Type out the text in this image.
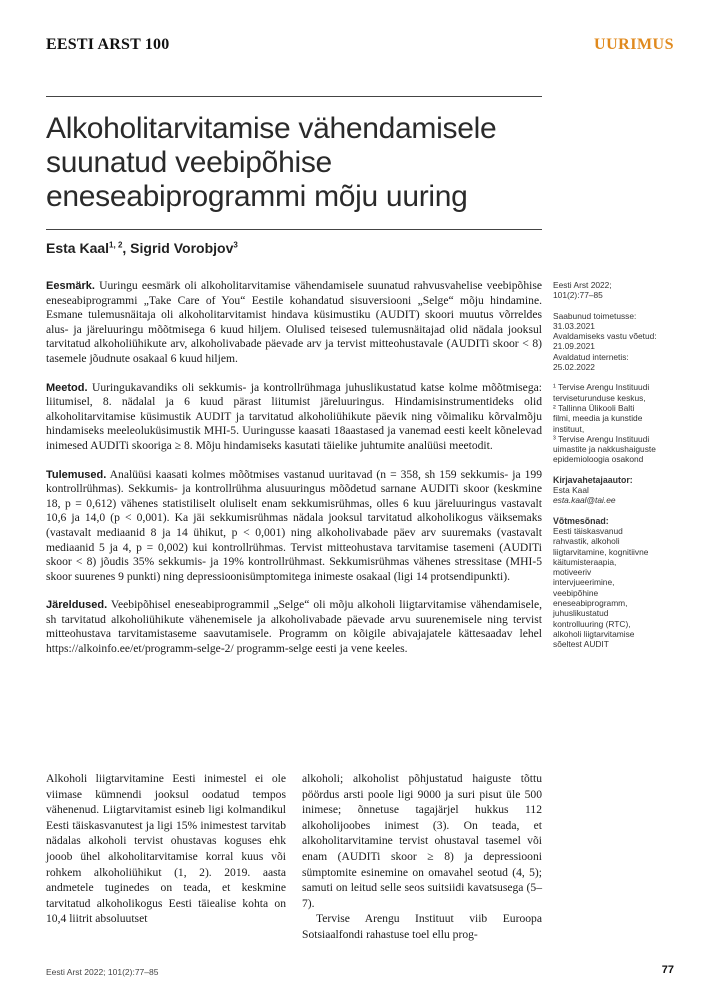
EESTI ARST 100	UURIMUS
Alkoholitarvitamise vähendamisele
suunatud veebipõhise
eneseabiprogrammi mõju uuring
Esta Kaal$^{1, 2}$, Sigrid Vorobjov$^3$

Eesmärk. Uuringu eesmärk oli alkoholitarvitamise vähendamisele suunatud rahvusvahelise veebipõhise eneseabiprogrammi „Take Care of You“ Eestile kohandatud sisuversiooni „Selge“ mõju hindamine. Esmane tulemusnäitaja oli alkoholitarvitamist hindava küsimustiku (AUDIT) skoori muutus võrreldes alus- ja järeluuringu mõõtmisega 6 kuud hiljem. Olulised teisesed tulemusnäitajad olid nädala jooksul tarvitatud alkoholiühikute arv, alkoholivabade päevade arv ja tervist mitteohustavale (AUDITi skoor < 8) tasemele jõudnute osakaal 6 kuud hiljem.

Meetod. Uuringukavandiks oli sekkumis- ja kontrollrühmaga juhuslikustatud katse kolme mõõtmisega: liitumisel, 8. nädalal ja 6 kuud pärast liitumist järeluuringus. Hindamisinstrumentideks olid alkoholitarvitamise küsimustik AUDIT ja tarvitatud alkoholiühikute päevik ning võimaliku kõrvalmõju hindamiseks meeleoluküsimustik MHI-5. Uuringusse kaasati 18aastased ja vanemad eesti keelt kõnelevad inimesed AUDITi skooriga ≥ 8. Mõju hindamiseks kasutati täielike juhtumite analüüsi meetodit.

Tulemused. Analüüsi kaasati kolmes mõõtmises vastanud uuritavad (n = 358, sh 159 sekkumis- ja 199 kontrollrühmas). Sekkumis- ja kontrollrühma alusuuringus mõõdetud sarnane AUDITi skoor (keskmine 18, p = 0,612) vähenes statistiliselt oluliselt enam sekkumisrühmas, olles 6 kuu järeluuringus vastavalt 10,6 ja 14,0 (p < 0,001). Ka jäi sekkumisrühmas nädala jooksul tarvitatud alkoholikogus väiksemaks (vastavalt mediaanid 8 ja 14 ühikut, p < 0,001) ning alkoholivabade päev arv suuremaks (vastavalt mediaanid 5 ja 4, p = 0,002) kui kontrollrühmas. Tervist mitteohustava tarvitamise tasemeni (AUDITi skoor < 8) jõudis 35% sekkumis- ja 19% kontrollrühmast. Sekkumisrühmas vähenes stressitase (MHI-5 skoor suurenes 9 punkti) ning depressioonisümptomitega inimeste osakaal (ligi 14 protsendipunkti).

Järeldused. Veebipõhisel eneseabiprogrammil „Selge“ oli mõju alkoholi liigtarvitamise vähendamisele, sh tarvitatud alkoholiühikute vähenemisele ja alkoholivabade päevade arvu suurenemisele ning tervist mitteohustava tarvitamistaseme saavutamisele. Programm on kõigile abivajajatele kättesaadav lehel https://alkoinfo.ee/et/programm-selge-2/ programm-selge eesti ja vene keeles.

Eesti Arst 2022;
101(2):77–85
Saabunud toimetusse:
31.03.2021
Avaldamiseks vastu võetud:
21.09.2021
Avaldatud internetis:
25.02.2022
¹ Tervise Arengu Instituudi
terviseturunduse keskus,
² Tallinna Ülikooli Balti
filmi, meedia ja kunstide
instituut,
³ Tervise Arengu Instituudi
uimastite ja nakkushaiguste
epidemioloogia osakond
Kirjavahetajaautor:
Esta Kaal
esta.kaal@tai.ee
Võtmesõnad:
Eesti täiskasvanud
rahvastik, alkoholi
liigtarvitamine, kognitiivne
käitumisteraapia,
motiveeriv
intervjueerimine,
veebipõhine
eneseabiprogramm,
juhuslikustatud
kontrolluuring (RTC),
alkoholi liigtarvitamise
sõeltest AUDIT

Alkoholi liigtarvitamine Eesti inimestel ei ole viimase kümnendi jooksul oodatud tempos vähenenud. Liigtarvitamist esineb ligi kolmandikul Eesti täiskasvanutest ja ligi 15% inimestest tarvitab nädalas alkoholi tervist ohustavas koguses ehk jooob ühel alkoholitarvitamise korral kuus või rohkem alkoholiühikut (1, 2). 2019. aasta andmetele tuginedes on teada, et keskmine tarvitatud alkoholikogus Eesti täiealise kohta on 10,4 liitrit absoluutset

alkoholi; alkoholist põhjustatud haiguste tõttu pöördus arsti poole ligi 9000 ja suri pisut üle 500 inimese; õnnetuse tagajärjel hukkus 112 alkoholijoobes inimest (3). On teada, et alkoholitarvitamine tervist ohustaval tasemel või enam (AUDITi skoor ≥ 8) ja depressiooni sümptomite esinemine on omavahel seotud (4, 5); samuti on leitud selle seos suitsiidi kavatsusega (5–7).

Tervise Arengu Instituut viib Euroopa Sotsiaalfondi rahastuse toel ellu prog-

Eesti Arst 2022; 101(2):77–85	77
